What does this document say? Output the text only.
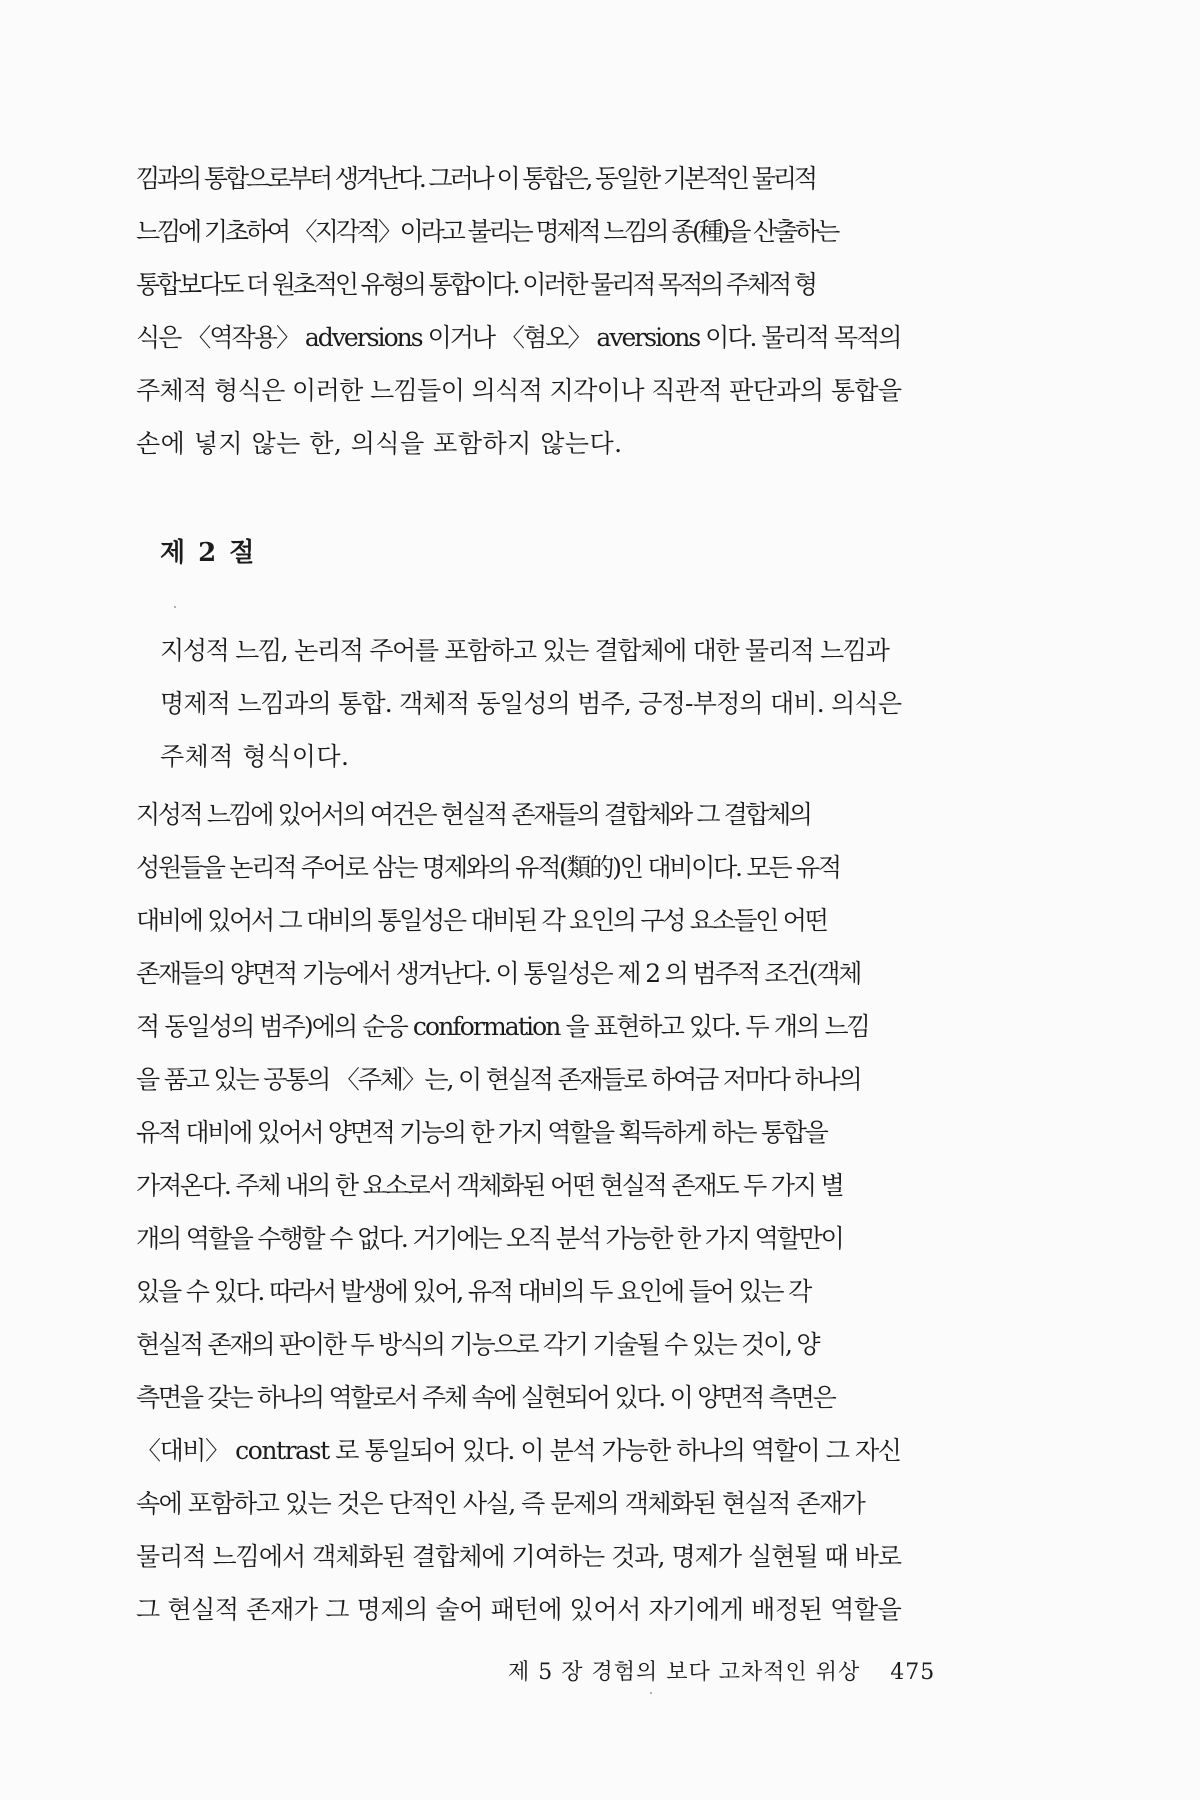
낌과의 통합으로부터 생겨난다. 그러나 이 통합은, 동일한 기본적인 물리적
느낌에 기초하여 〈지각적〉이라고 불리는 명제적 느낌의 종(種)을 산출하는
통합보다도 더 원초적인 유형의 통합이다. 이러한 물리적 목적의 주체적 형
식은 〈역작용〉 adversions 이거나 〈혐오〉 aversions 이다. 물리적 목적의
주체적 형식은 이러한 느낌들이 의식적 지각이나 직관적 판단과의 통합을
손에 넣지 않는 한, 의식을 포함하지 않는다.
제 2 절
지성적 느낌, 논리적 주어를 포함하고 있는 결합체에 대한 물리적 느낌과
명제적 느낌과의 통합. 객체적 동일성의 범주, 긍정-부정의 대비. 의식은
주체적 형식이다.
지성적 느낌에 있어서의 여건은 현실적 존재들의 결합체와 그 결합체의
성원들을 논리적 주어로 삼는 명제와의 유적(類的)인 대비이다. 모든 유적
대비에 있어서 그 대비의 통일성은 대비된 각 요인의 구성 요소들인 어떤
존재들의 양면적 기능에서 생겨난다. 이 통일성은 제 2 의 범주적 조건(객체
적 동일성의 범주)에의 순응 conformation 을 표현하고 있다. 두 개의 느낌
을 품고 있는 공통의 〈주체〉는, 이 현실적 존재들로 하여금 저마다 하나의
유적 대비에 있어서 양면적 기능의 한 가지 역할을 획득하게 하는 통합을
가져온다. 주체 내의 한 요소로서 객체화된 어떤 현실적 존재도 두 가지 별
개의 역할을 수행할 수 없다. 거기에는 오직 분석 가능한 한 가지 역할만이
있을 수 있다. 따라서 발생에 있어, 유적 대비의 두 요인에 들어 있는 각
현실적 존재의 판이한 두 방식의 기능으로 각기 기술될 수 있는 것이, 양
측면을 갖는 하나의 역할로서 주체 속에 실현되어 있다. 이 양면적 측면은
〈대비〉 contrast 로 통일되어 있다. 이 분석 가능한 하나의 역할이 그 자신
속에 포함하고 있는 것은 단적인 사실, 즉 문제의 객체화된 현실적 존재가
물리적 느낌에서 객체화된 결합체에 기여하는 것과, 명제가 실현될 때 바로
그 현실적 존재가 그 명제의 술어 패턴에 있어서 자기에게 배정된 역할을
제 5 장 경험의 보다 고차적인 위상 475
